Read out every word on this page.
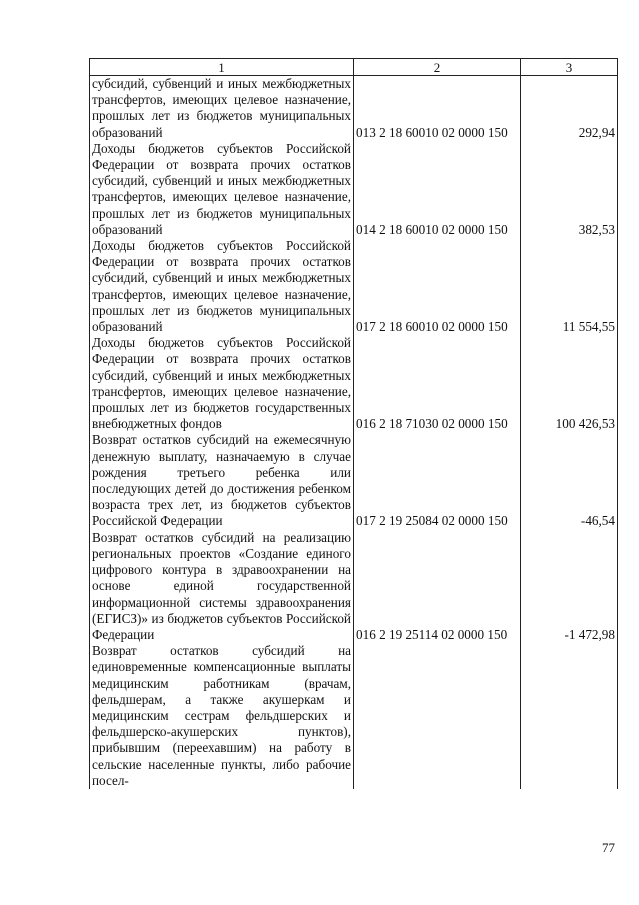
1	2	3
субсидий, субвенций и иных межбюджетных трансфертов, имеющих целевое назначение, прошлых лет из бюджетов муниципальных образований	013 2 18 60010 02 0000 150	292,94
Доходы бюджетов субъектов Российской Федерации от возврата прочих остатков субсидий, субвенций и иных межбюджетных трансфертов, имеющих целевое назначение, прошлых лет из бюджетов муниципальных образований	014 2 18 60010 02 0000 150	382,53
Доходы бюджетов субъектов Российской Федерации от возврата прочих остатков субсидий, субвенций и иных межбюджетных трансфертов, имеющих целевое назначение, прошлых лет из бюджетов муниципальных образований	017 2 18 60010 02 0000 150	11 554,55
Доходы бюджетов субъектов Российской Федерации от возврата прочих остатков субсидий, субвенций и иных межбюджетных трансфертов, имеющих целевое назначение, прошлых лет из бюджетов государственных внебюджетных фондов	016 2 18 71030 02 0000 150	100 426,53
Возврат остатков субсидий на ежемесячную денежную выплату, назначаемую в случае рождения третьего ребенка или последующих детей до достижения ребенком возраста трех лет, из бюджетов субъектов Российской Федерации	017 2 19 25084 02 0000 150	-46,54
Возврат остатков субсидий на реализацию региональных проектов «Создание единого цифрового контура в здравоохранении на основе единой государственной информационной системы здравоохранения (ЕГИСЗ)» из бюджетов субъектов Российской Федерации	016 2 19 25114 02 0000 150	-1 472,98
Возврат остатков субсидий на единовременные компенсационные выплаты медицинским работникам (врачам, фельдшерам, а также акушеркам и медицинским сестрам фельдшерских и фельдшерско-акушерских пунктов), прибывшим (переехавшим) на работу в сельские населенные пункты, либо рабочие посел-		
77
